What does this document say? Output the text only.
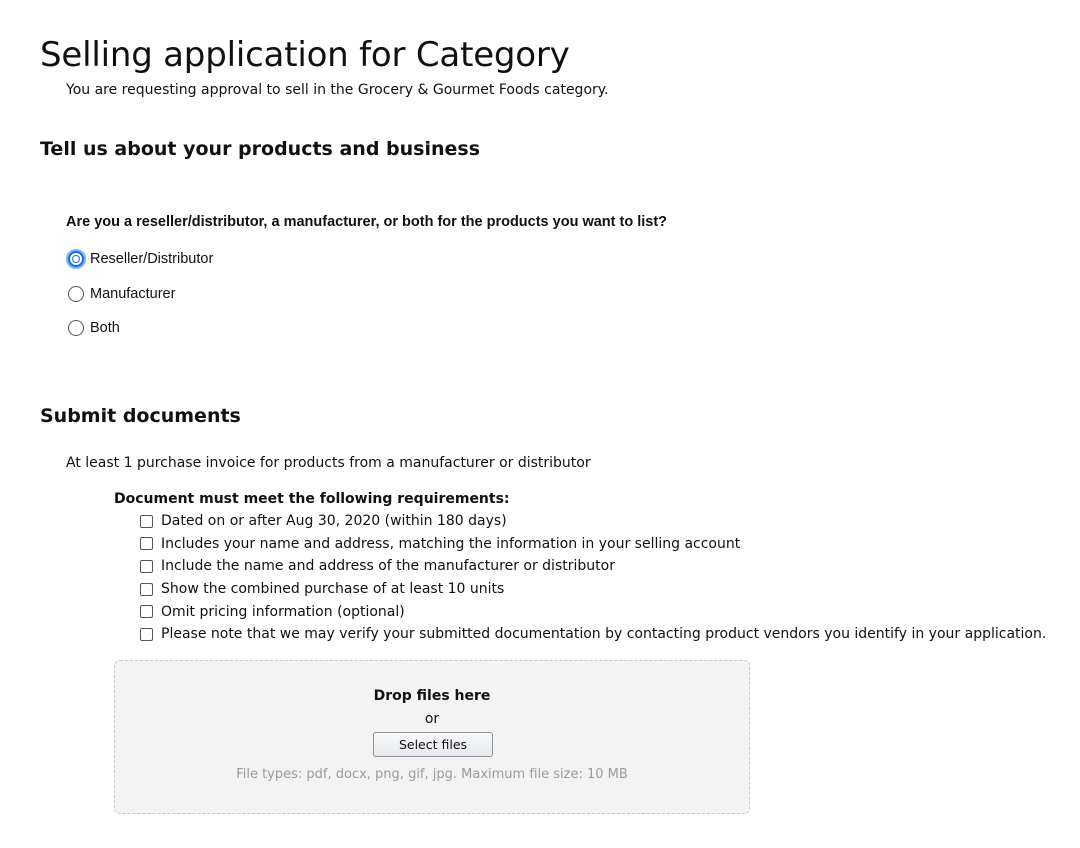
Selling application for Category
You are requesting approval to sell in the Grocery & Gourmet Foods category.
Tell us about your products and business
Are you a reseller/distributor, a manufacturer, or both for the products you want to list?
Reseller/Distributor
Manufacturer
Both
Submit documents
At least 1 purchase invoice for products from a manufacturer or distributor
Document must meet the following requirements:
Dated on or after Aug 30, 2020 (within 180 days)
Includes your name and address, matching the information in your selling account
Include the name and address of the manufacturer or distributor
Show the combined purchase of at least 10 units
Omit pricing information (optional)
Please note that we may verify your submitted documentation by contacting product vendors you identify in your application.
Drop files here
or
Select files
File types: pdf, docx, png, gif, jpg. Maximum file size: 10 MB
